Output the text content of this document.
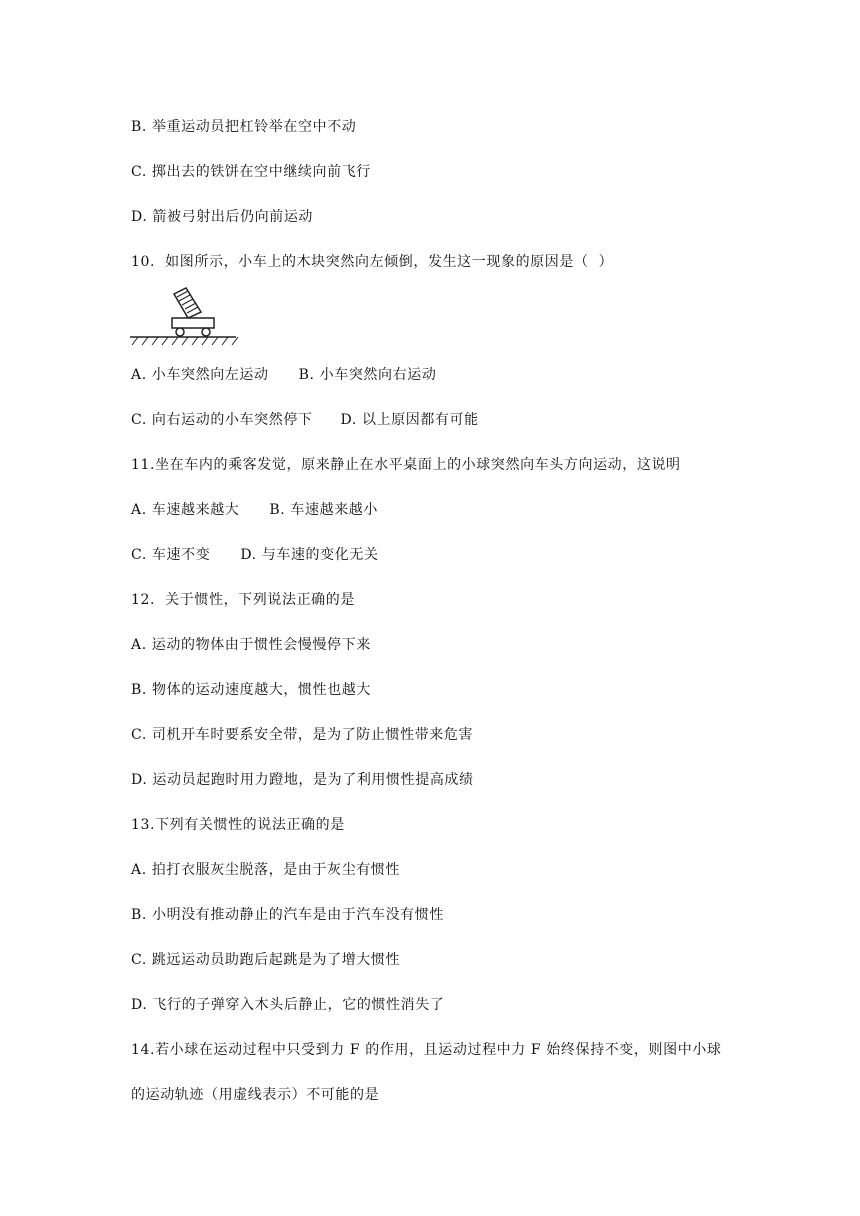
B. 举重运动员把杠铃举在空中不动
C. 掷出去的铁饼在空中继续向前飞行
D. 箭被弓射出后仍向前运动
10.  如图所示，小车上的木块突然向左倾倒，发生这一现象的原因是（  ）
A. 小车突然向左运动 B. 小车突然向右运动
C. 向右运动的小车突然停下 D. 以上原因都有可能
11.坐在车内的乘客发觉，原来静止在水平桌面上的小球突然向车头方向运动，这说明
A. 车速越来越大 B. 车速越来越小
C. 车速不变 D. 与车速的变化无关
12.  关于惯性，下列说法正确的是
A. 运动的物体由于惯性会慢慢停下来
B. 物体的运动速度越大，惯性也越大
C. 司机开车时要系安全带，是为了防止惯性带来危害
D. 运动员起跑时用力蹬地，是为了利用惯性提高成绩
13.下列有关惯性的说法正确的是
A. 拍打衣服灰尘脱落，是由于灰尘有惯性
B. 小明没有推动静止的汽车是由于汽车没有惯性
C. 跳远运动员助跑后起跳是为了增大惯性
D. 飞行的子弹穿入木头后静止，它的惯性消失了
14.若小球在运动过程中只受到力 F 的作用，且运动过程中力 F 始终保持不变，则图中小球
的运动轨迹（用虚线表示）不可能的是
